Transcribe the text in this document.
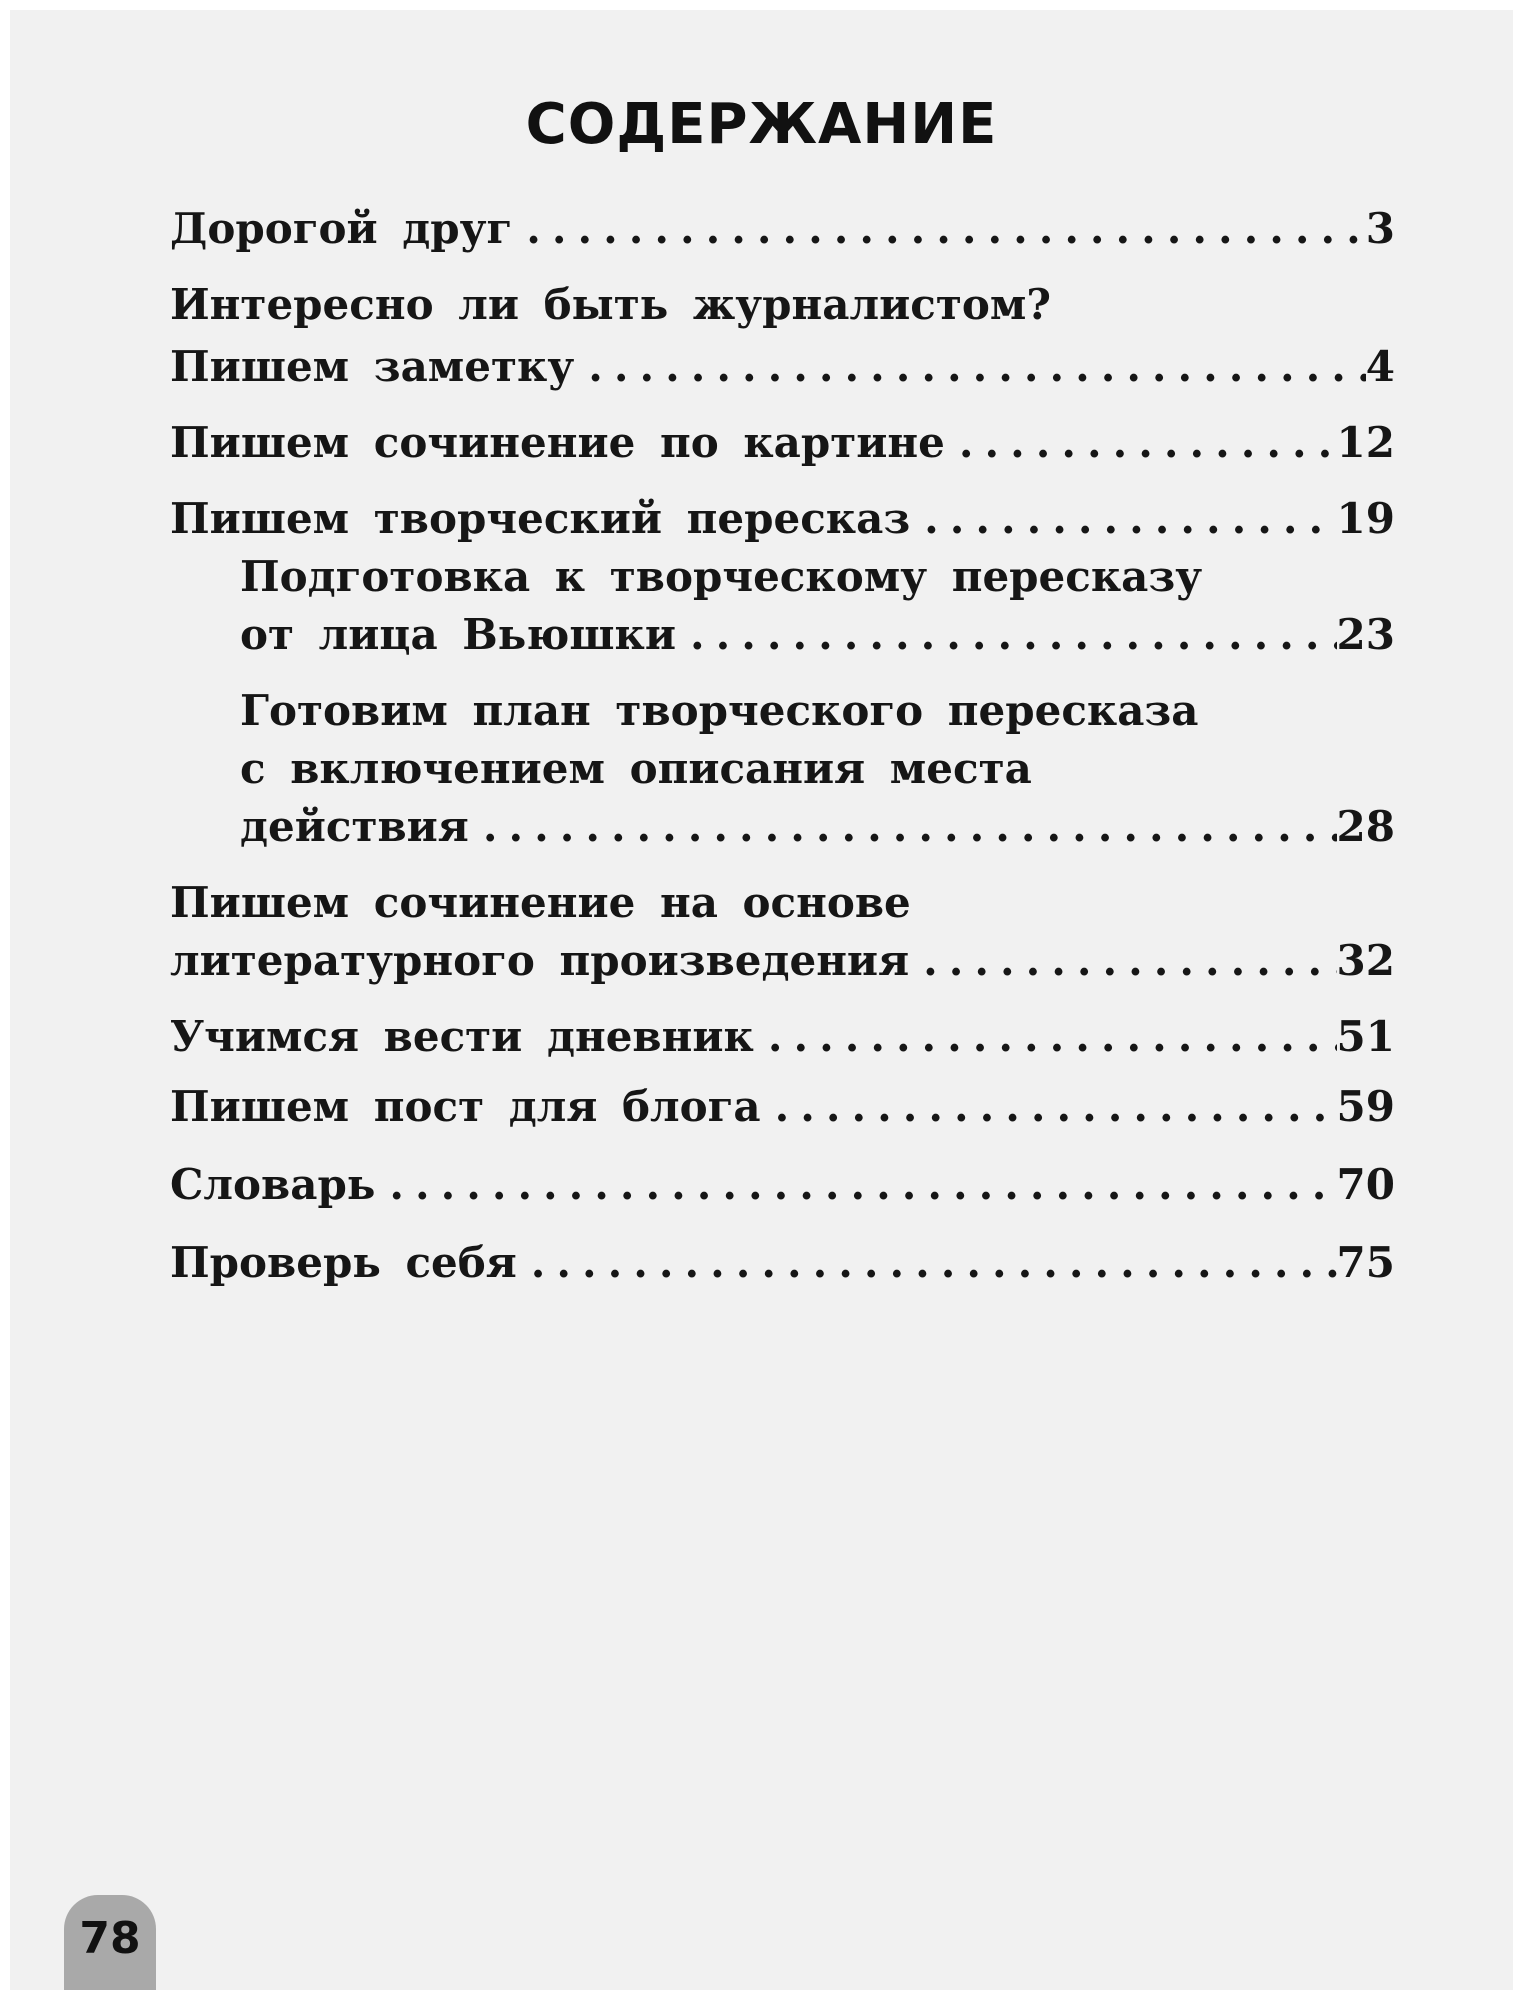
СОДЕРЖАНИЕ
Дорогой друг .....	3
Интересно ли быть журналистом?
Пишем заметку .....	4
Пишем сочинение по картине .....	12
Пишем творческий пересказ .....	19
Подготовка к творческому пересказу
от лица Вьюшки .....	23
Готовим план творческого пересказа
с включением описания места
действия .....	28
Пишем сочинение на основе
литературного произведения .....	32
Учимся вести дневник .....	51
Пишем пост для блога .....	59
Словарь .....	70
Проверь себя .....	75
78
